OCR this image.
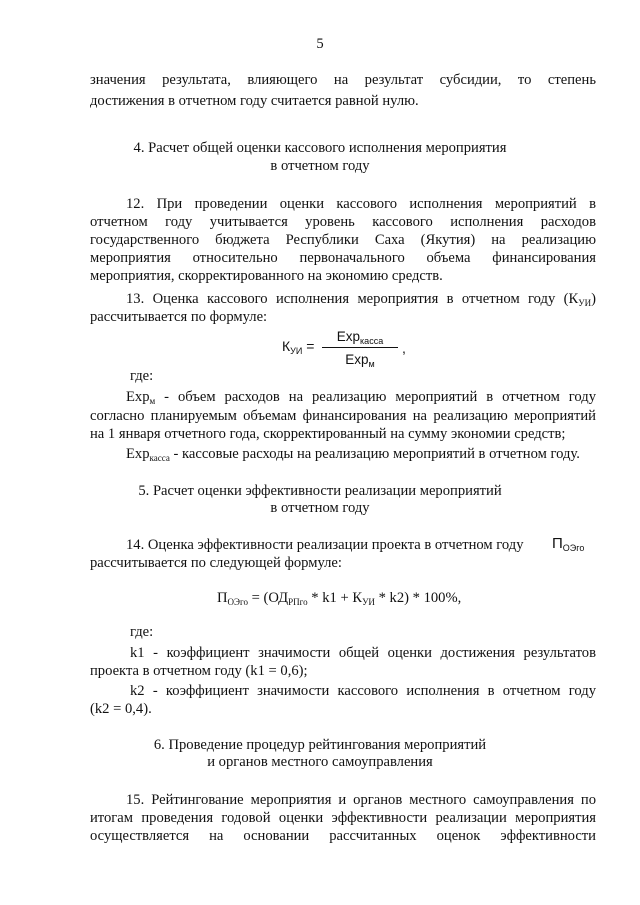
5
значения результата, влияющего на результат субсидии, то степень
достижения в отчетном году считается равной нулю.
4. Расчет общей оценки кассового исполнения мероприятия
в отчетном году
12. При проведении оценки кассового исполнения мероприятий в
отчетном году учитывается уровень кассового исполнения расходов
государственного бюджета Республики Саха (Якутия) на реализацию
мероприятия относительно первоначального объема финансирования
мероприятия, скорректированного на экономию средств.
13. Оценка кассового исполнения мероприятия в отчетном году $(К_{УИ})$
рассчитывается по формуле:
$К_{УИ}$ =
Exp$_{касса}$
Exp$_м$
,
где:
Exp$_м$ - объем расходов на реализацию мероприятий в отчетном году
согласно планируемым объемам финансирования на реализацию мероприятий
на 1 января отчетного года, скорректированный на сумму экономии средств;
Exp$_{касса}$ - кассовые расходы на реализацию мероприятий в отчетном году.
5. Расчет оценки эффективности реализации мероприятий
в отчетном году
14. Оценка эффективности реализации проекта в отчетном году $П_{ОЭго}$
рассчитывается по следующей формуле:
$П_{ОЭго} = (ОД_{РПго} * k1 + К_{УИ} * k2) * 100\%$,
где:
k1 - коэффициент значимости общей оценки достижения результатов
проекта в отчетном году (k1 = 0,6);
k2 - коэффициент значимости кассового исполнения в отчетном году
(k2 = 0,4).
6. Проведение процедур рейтингования мероприятий
и органов местного самоуправления
15. Рейтингование мероприятия и органов местного самоуправления по
итогам проведения годовой оценки эффективности реализации мероприятия
осуществляется на основании рассчитанных оценок эффективности
